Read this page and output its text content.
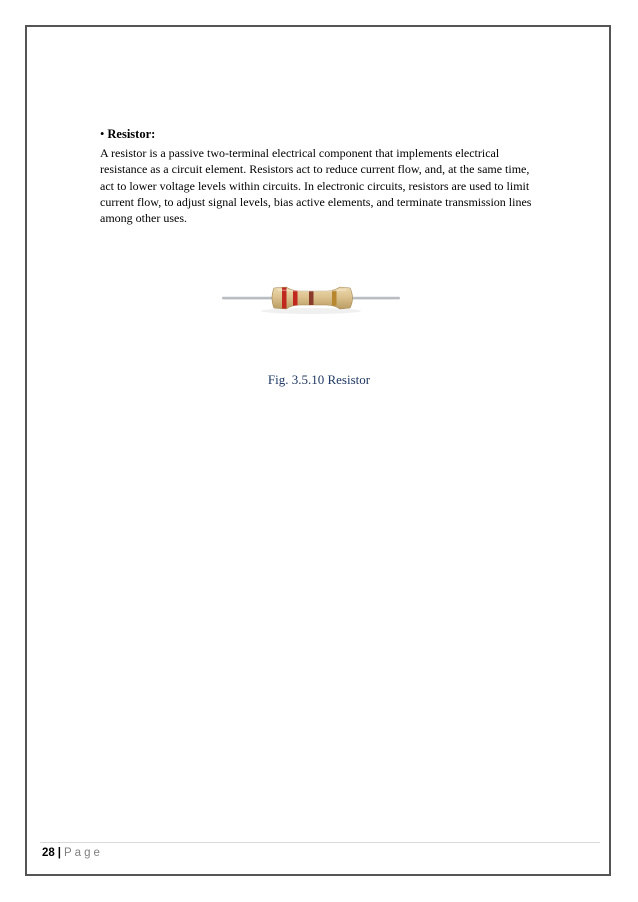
• Resistor:
A resistor is a passive two-terminal electrical component that implements electrical
resistance as a circuit element. Resistors act to reduce current flow, and, at the same time,
act to lower voltage levels within circuits. In electronic circuits, resistors are used to limit
current flow, to adjust signal levels, bias active elements, and terminate transmission lines
among other uses.
Fig. 3.5.10 Resistor
28 | Page
